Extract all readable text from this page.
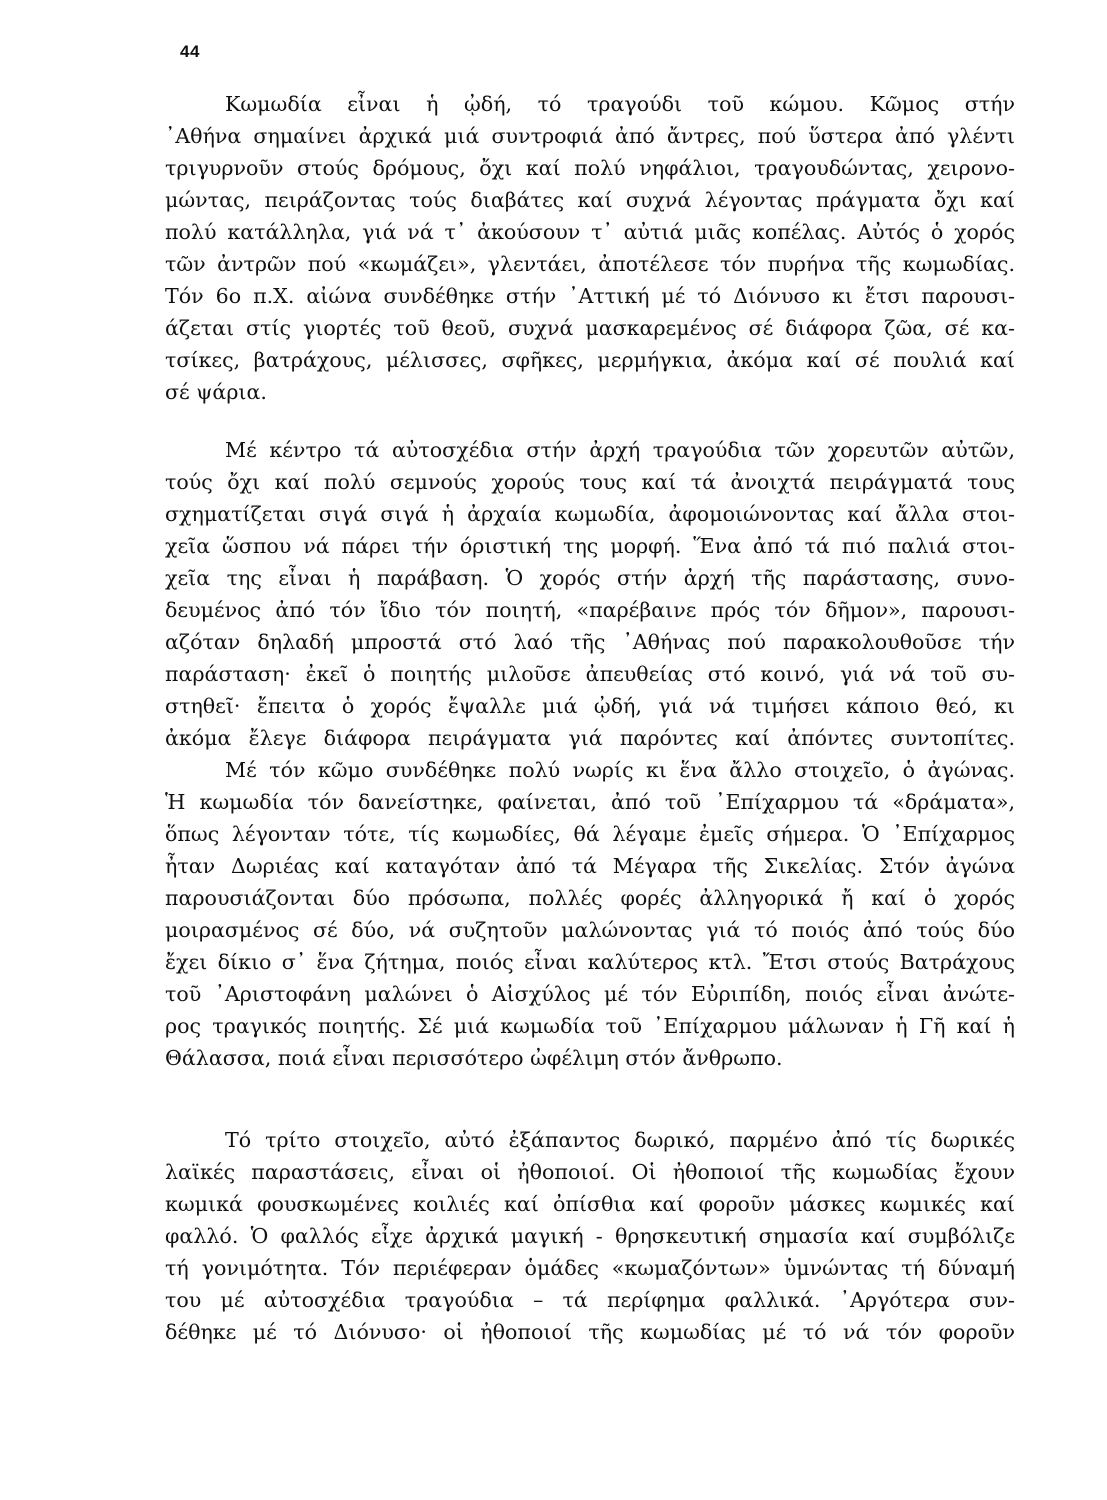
44
Κωμωδία εἶναι ἡ ᾠδή, τό τραγούδι τοῦ κώμου. Κῶμος στήν
᾿Αθήνα σημαίνει ἀρχικά μιά συντροφιά ἀπό ἄντρες, πού ὕστερα ἀπό γλέντι
τριγυρνοῦν στούς δρόμους, ὄχι καί πολύ νηφάλιοι, τραγουδώντας, χειρονο-
μώντας, πειράζοντας τούς διαβάτες καί συχνά λέγοντας πράγματα ὄχι καί
πολύ κατάλληλα, γιά νά τ᾿ ἀκούσουν τ᾿ αὐτιά μιᾶς κοπέλας. Αὐτός ὁ χορός
τῶν ἀντρῶν πού «κωμάζει», γλεντάει, ἀποτέλεσε τόν πυρήνα τῆς κωμωδίας.
Τόν 6ο π.Χ. αἰώνα συνδέθηκε στήν ᾿Αττική μέ τό Διόνυσο κι ἔτσι παρουσι-
άζεται στίς γιορτές τοῦ θεοῦ, συχνά μασκαρεμένος σέ διάφορα ζῶα, σέ κα-
τσίκες, βατράχους, μέλισσες, σφῆκες, μερμήγκια, ἀκόμα καί σέ πουλιά καί
σέ ψάρια.
Μέ κέντρο τά αὐτοσχέδια στήν ἀρχή τραγούδια τῶν χορευτῶν αὐτῶν,
τούς ὄχι καί πολύ σεμνούς χορούς τους καί τά ἀνοιχτά πειράγματά τους
σχηματίζεται σιγά σιγά ἡ ἀρχαία κωμωδία, ἀφομοιώνοντας καί ἄλλα στοι-
χεῖα ὥσπου νά πάρει τήν όριστική της μορφή. Ἕνα ἀπό τά πιό παλιά στοι-
χεῖα της εἶναι ἡ παράβαση. Ὁ χορός στήν ἀρχή τῆς παράστασης, συνο-
δευμένος ἀπό τόν ἴδιο τόν ποιητή, «παρέβαινε πρός τόν δῆμον», παρουσι-
αζόταν δηλαδή μπροστά στό λαό τῆς ᾿Αθήνας πού παρακολουθοῦσε τήν
παράσταση· ἐκεῖ ὁ ποιητής μιλοῦσε ἀπευθείας στό κοινό, γιά νά τοῦ συ-
στηθεῖ· ἔπειτα ὁ χορός ἔψαλλε μιά ᾠδή, γιά νά τιμήσει κάποιο θεό, κι
ἀκόμα ἔλεγε διάφορα πειράγματα γιά παρόντες καί ἀπόντες συντοπίτες.
Μέ τόν κῶμο συνδέθηκε πολύ νωρίς κι ἕνα ἄλλο στοιχεῖο, ὁ ἀγώνας.
Ἡ κωμωδία τόν δανείστηκε, φαίνεται, ἀπό τοῦ ᾿Επίχαρμου τά «δράματα»,
ὅπως λέγονταν τότε, τίς κωμωδίες, θά λέγαμε ἐμεῖς σήμερα. Ὁ ᾿Επίχαρμος
ἦταν Δωριέας καί καταγόταν ἀπό τά Μέγαρα τῆς Σικελίας. Στόν ἀγώνα
παρουσιάζονται δύο πρόσωπα, πολλές φορές ἀλληγορικά ἤ καί ὁ χορός
μοιρασμένος σέ δύο, νά συζητοῦν μαλώνοντας γιά τό ποιός ἀπό τούς δύο
ἔχει δίκιο σ᾿ ἕνα ζήτημα, ποιός εἶναι καλύτερος κτλ. Ἔτσι στούς Βατράχους
τοῦ ᾿Αριστοφάνη μαλώνει ὁ Αἰσχύλος μέ τόν Εὐριπίδη, ποιός εἶναι ἀνώτε-
ρος τραγικός ποιητής. Σέ μιά κωμωδία τοῦ ᾿Επίχαρμου μάλωναν ἡ Γῆ καί ἡ
Θάλασσα, ποιά εἶναι περισσότερο ὠφέλιμη στόν ἄνθρωπο.
Τό τρίτο στοιχεῖο, αὐτό ἐξάπαντος δωρικό, παρμένο ἀπό τίς δωρικές
λαϊκές παραστάσεις, εἶναι οἱ ἠθοποιοί. Οἱ ἠθοποιοί τῆς κωμωδίας ἔχουν
κωμικά φουσκωμένες κοιλιές καί ὀπίσθια καί φοροῦν μάσκες κωμικές καί
φαλλό. Ὁ φαλλός εἶχε ἀρχικά μαγική - θρησκευτική σημασία καί συμβόλιζε
τή γονιμότητα. Τόν περιέφεραν ὁμάδες «κωμαζόντων» ὑμνώντας τή δύναμή
του μέ αὐτοσχέδια τραγούδια – τά περίφημα φαλλικά. ᾿Αργότερα συν-
δέθηκε μέ τό Διόνυσο· οἱ ἠθοποιοί τῆς κωμωδίας μέ τό νά τόν φοροῦν
